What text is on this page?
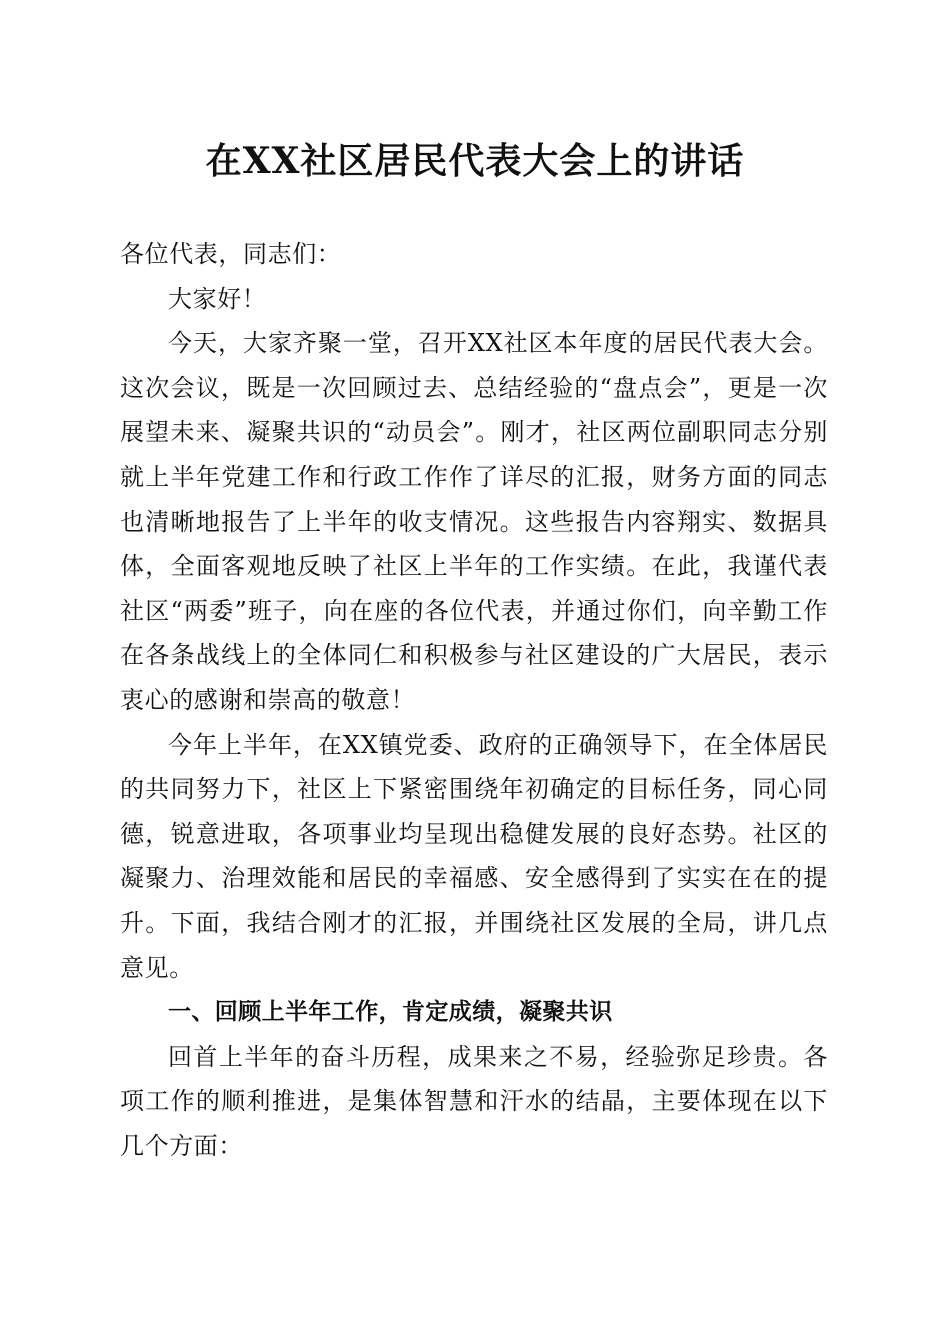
在XX社区居民代表大会上的讲话

各位代表，同志们：

大家好！

今天，大家齐聚一堂，召开XX社区本年度的居民代表大会。这次会议，既是一次回顾过去、总结经验的“盘点会”，更是一次展望未来、凝聚共识的“动员会”。刚才，社区两位副职同志分别就上半年党建工作和行政工作作了详尽的汇报，财务方面的同志也清晰地报告了上半年的收支情况。这些报告内容翔实、数据具体，全面客观地反映了社区上半年的工作实绩。在此，我谨代表社区“两委”班子，向在座的各位代表，并通过你们，向辛勤工作在各条战线上的全体同仁和积极参与社区建设的广大居民，表示衷心的感谢和崇高的敬意！

今年上半年，在XX镇党委、政府的正确领导下，在全体居民的共同努力下，社区上下紧密围绕年初确定的目标任务，同心同德，锐意进取，各项事业均呈现出稳健发展的良好态势。社区的凝聚力、治理效能和居民的幸福感、安全感得到了实实在在的提升。下面，我结合刚才的汇报，并围绕社区发展的全局，讲几点意见。

一、回顾上半年工作，肯定成绩，凝聚共识

回首上半年的奋斗历程，成果来之不易，经验弥足珍贵。各项工作的顺利推进，是集体智慧和汗水的结晶，主要体现在以下几个方面：
